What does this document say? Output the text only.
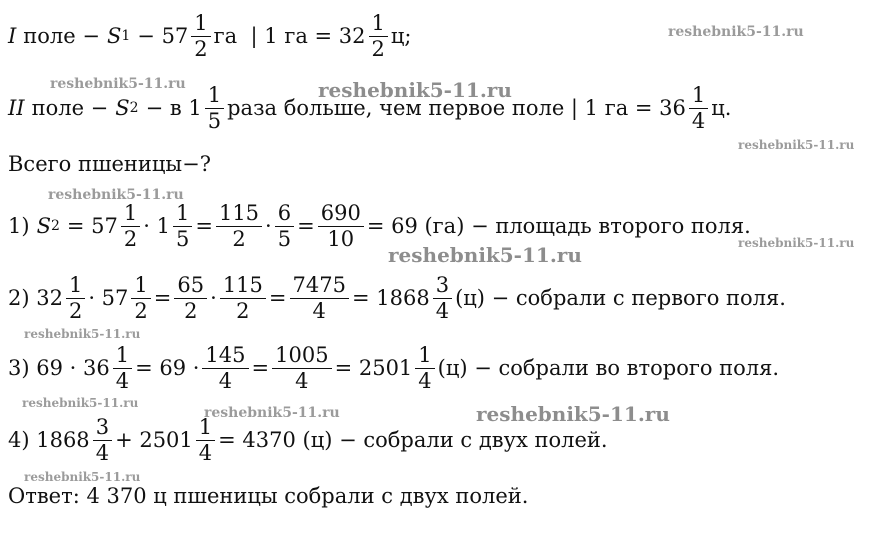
I поле − S $1 - 57 \frac{1}{2}$ га  | 1 га = $32 \frac{1}{2} ц$;
II поле − S 2 − в $1 \frac{1}{5}$ раза больше, чем первое поле | 1 га = $36 \frac{1}{4} ц$.
Всего пшеницы−?
1) S $2 = 57 \frac{1}{2} \cdot 1 \frac{1}{5} = \frac{115}{2} \cdot \frac{6}{5} = \frac{690}{10} = 69$ (га) − площадь второго поля.
2) $32 \frac{1}{2} \cdot 57 \frac{1}{2} = \frac{65}{2} \cdot \frac{115}{2} = \frac{7475}{4} = 1868 \frac{3}{4} (ц)$ − собрали с первого поля.
3) $69 \cdot 36 \frac{1}{4} = 69 \cdot \frac{145}{4} = \frac{1005}{4} = 2501 \frac{1}{4} (ц)$ − собрали во второго поля.
4) $1868 \frac{3}{4} + 2501 \frac{1}{4} = 4370$ (ц) − собрали с двух полей.
Ответ: 4 370 ц пшеницы собрали с двух полей.
reshebnik5-11.ru
reshebnik5-11.ru	reshebnik5-11.ru
reshebnik5-11.ru
reshebnik5-11.ru
reshebnik5-11.ru	reshebnik5-11.ru
reshebnik5-11.ru
reshebnik5-11.ru
reshebnik5-11.ru	reshebnik5-11.ru
reshebnik5-11.ru
